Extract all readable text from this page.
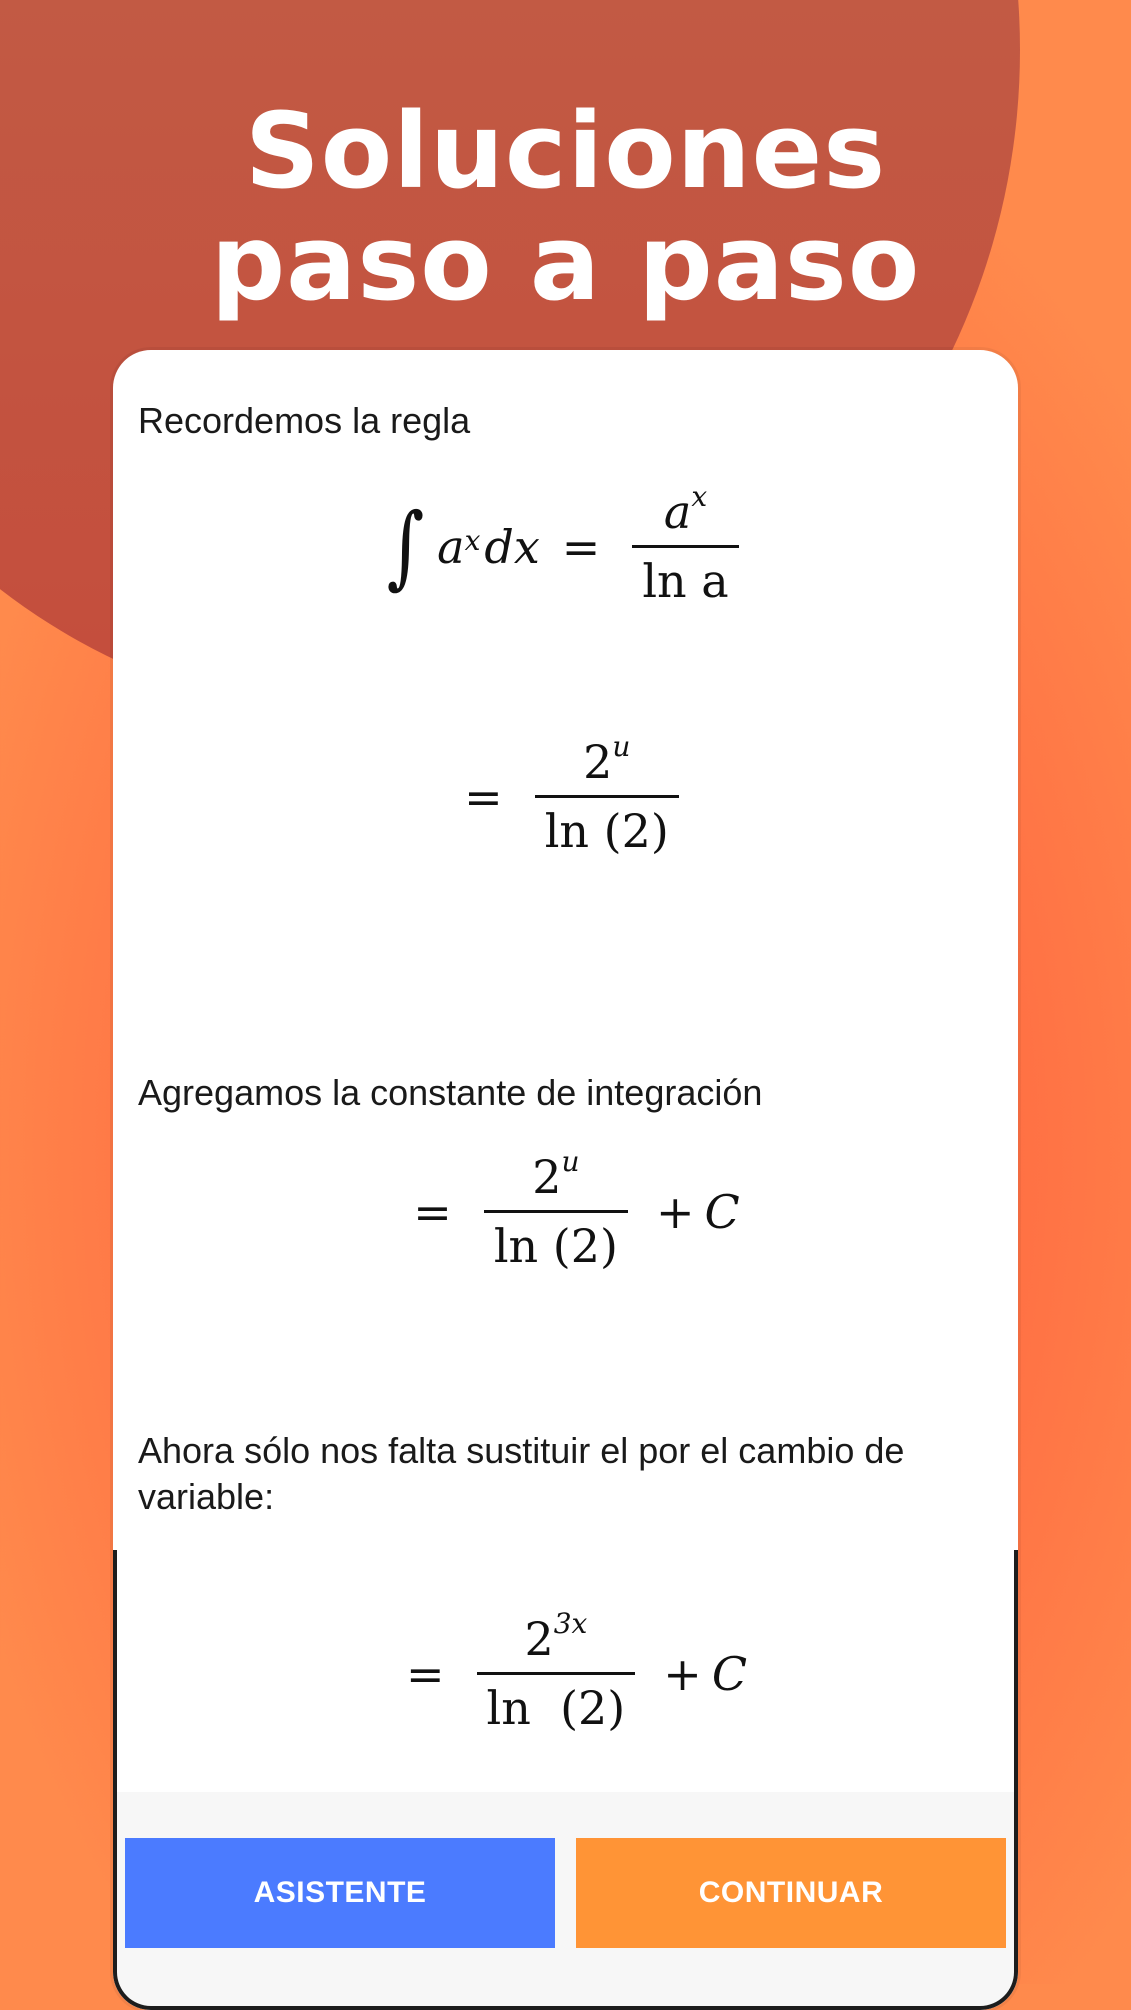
Soluciones
paso a paso
Recordemos la regla
∫ a $^x$ dx = $\frac{a^x}{\text{ln a}}$
= $\frac{2^u}{\ln (2)}$
Agregamos la constante de integración
= $\frac{2^u}{\ln (2)} + C$
Ahora sólo nos falta sustituir el por el cambio de variable:
= $\frac{2^{3x}}{\ln (2)} + C$
ASISTENTE	CONTINUAR
